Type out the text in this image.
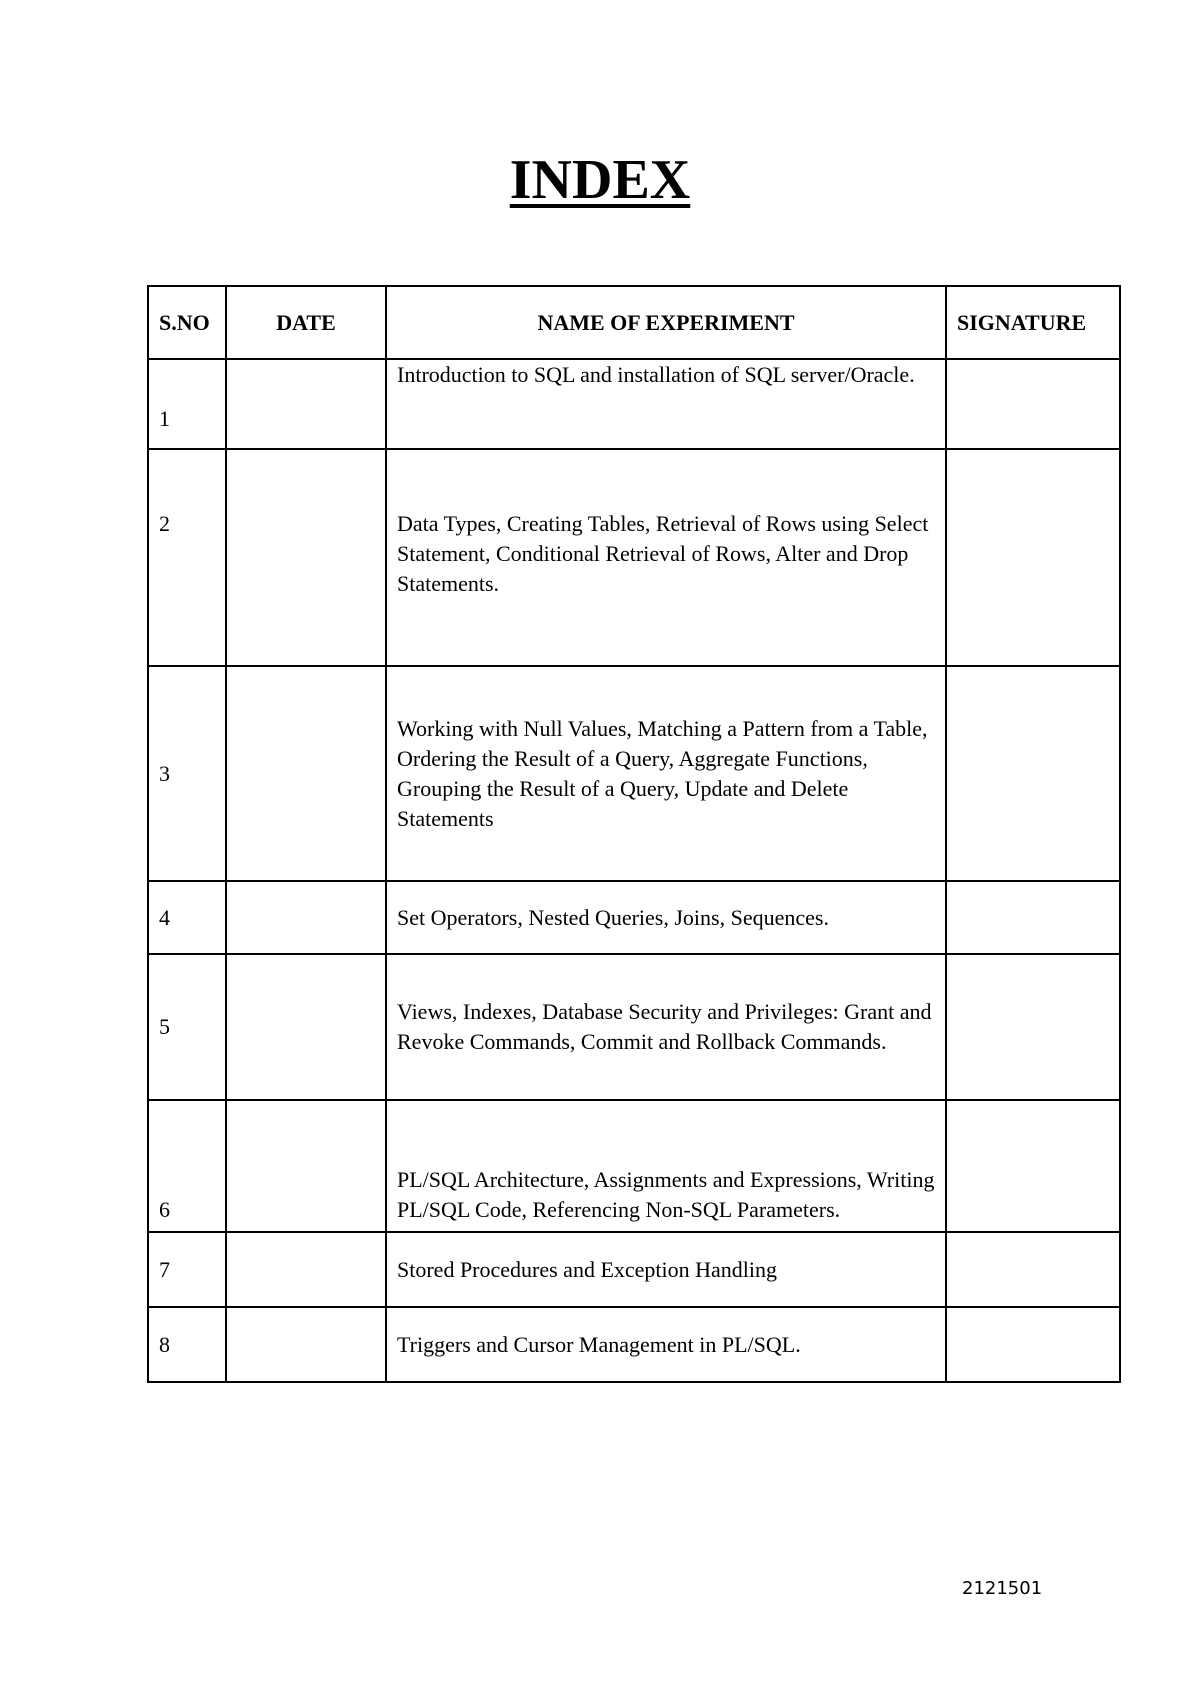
INDEX
S.NO	DATE	NAME OF EXPERIMENT	SIGNATURE
1		Introduction to SQL and installation of SQL server/Oracle.	
2		Data Types, Creating Tables, Retrieval of Rows using Select Statement, Conditional Retrieval of Rows, Alter and Drop Statements.	
3		Working with Null Values, Matching a Pattern from a Table, Ordering the Result of a Query, Aggregate Functions, Grouping the Result of a Query, Update and Delete Statements	
4		Set Operators, Nested Queries, Joins, Sequences.	
5		Views, Indexes, Database Security and Privileges: Grant and Revoke Commands, Commit and Rollback Commands.	
6		PL/SQL Architecture, Assignments and Expressions, Writing PL/SQL Code, Referencing Non-SQL Parameters.	
7		Stored Procedures and Exception Handling	
8		Triggers and Cursor Management in PL/SQL.	
2121501
